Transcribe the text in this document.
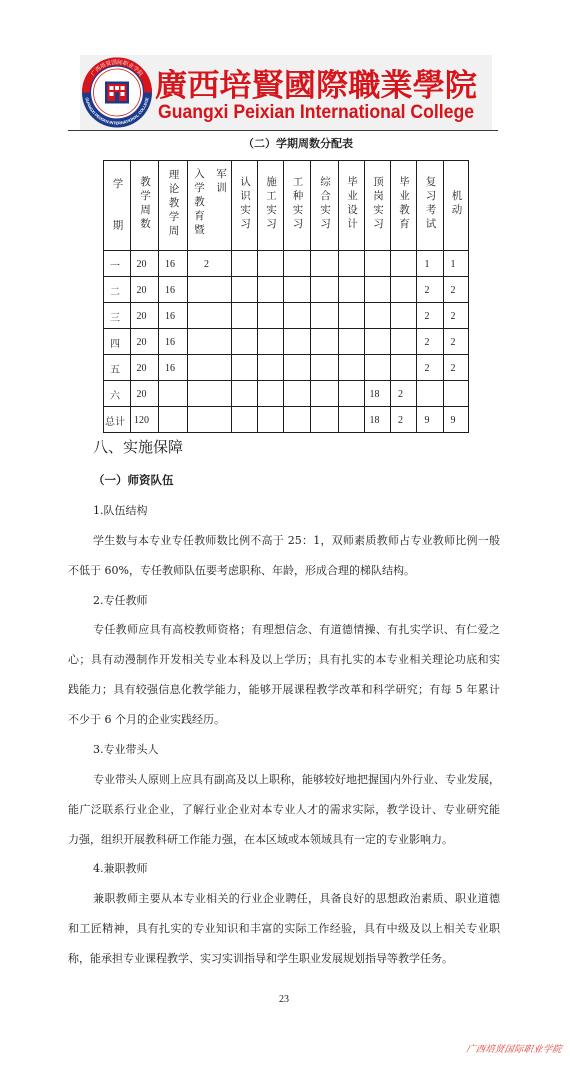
广西培贤国际职业学院
GUANGXI PEIXIAN INTERNATIONAL COLLEGE 廣西培賢國際職業學院
Guangxi Peixian International College
（二）学期周数分配表
学期	教学周数	理论教学周	入学教育暨军训	认识实习	施工实习	工种实习	综合实习	毕业设计	顶岗实习	毕业教育	复习考试	机动
一	20	16	2								1	1
二	20	16									2	2
三	20	16									2	2
四	20	16									2	2
五	20	16									2	2
六	20								18	2		
总计	120								18	2	9	9
八、实施保障
（一）师资队伍
1.队伍结构
学生数与本专业专任教师数比例不高于 25：1，双师素质教师占专业教师比例一般
不低于 60%，专任教师队伍要考虑职称、年龄，形成合理的梯队结构。
2.专任教师
专任教师应具有高校教师资格；有理想信念、有道德情操、有扎实学识、有仁爱之
心；具有动漫制作开发相关专业本科及以上学历；具有扎实的本专业相关理论功底和实
践能力；具有较强信息化教学能力，能够开展课程教学改革和科学研究；有每 5 年累计
不少于 6 个月的企业实践经历。
3.专业带头人
专业带头人原则上应具有副高及以上职称，能够较好地把握国内外行业、专业发展，
能广泛联系行业企业，了解行业企业对本专业人才的需求实际，教学设计、专业研究能
力强，组织开展教科研工作能力强，在本区域或本领域具有一定的专业影响力。
4.兼职教师
兼职教师主要从本专业相关的行业企业聘任，具备良好的思想政治素质、职业道德
和工匠精神，具有扎实的专业知识和丰富的实际工作经验，具有中级及以上相关专业职
称，能承担专业课程教学、实习实训指导和学生职业发展规划指导等教学任务。
23
广西培贤国际职业学院
